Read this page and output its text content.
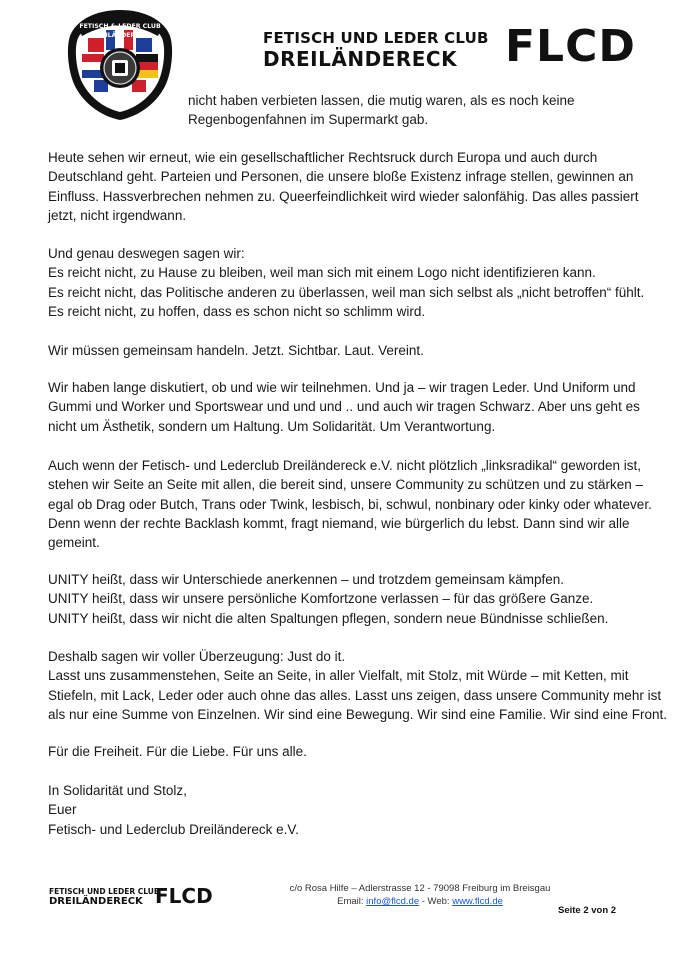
FETISCH & LEDER CLUB
DREILÄNDERECK	FETISCH UND LEDER CLUB
DREILÄNDERECK FLCD
nicht haben verbieten lassen, die mutig waren, als es noch keine
Regenbogenfahnen im Supermarkt gab.
Heute sehen wir erneut, wie ein gesellschaftlicher Rechtsruck durch Europa und auch durch
Deutschland geht. Parteien und Personen, die unsere bloße Existenz infrage stellen, gewinnen an
Einfluss. Hassverbrechen nehmen zu. Queerfeindlichkeit wird wieder salonfähig. Das alles passiert
jetzt, nicht irgendwann.
Und genau deswegen sagen wir:
Es reicht nicht, zu Hause zu bleiben, weil man sich mit einem Logo nicht identifizieren kann.
Es reicht nicht, das Politische anderen zu überlassen, weil man sich selbst als „nicht betroffen“ fühlt.
Es reicht nicht, zu hoffen, dass es schon nicht so schlimm wird.
Wir müssen gemeinsam handeln. Jetzt. Sichtbar. Laut. Vereint.
Wir haben lange diskutiert, ob und wie wir teilnehmen. Und ja – wir tragen Leder. Und Uniform und
Gummi und Worker und Sportswear und und und .. und auch wir tragen Schwarz. Aber uns geht es
nicht um Ästhetik, sondern um Haltung. Um Solidarität. Um Verantwortung.
Auch wenn der Fetisch- und Lederclub Dreiländereck e.V. nicht plötzlich „linksradikal“ geworden ist,
stehen wir Seite an Seite mit allen, die bereit sind, unsere Community zu schützen und zu stärken –
egal ob Drag oder Butch, Trans oder Twink, lesbisch, bi, schwul, nonbinary oder kinky oder whatever.
Denn wenn der rechte Backlash kommt, fragt niemand, wie bürgerlich du lebst. Dann sind wir alle
gemeint.
UNITY heißt, dass wir Unterschiede anerkennen – und trotzdem gemeinsam kämpfen.
UNITY heißt, dass wir unsere persönliche Komfortzone verlassen – für das größere Ganze.
UNITY heißt, dass wir nicht die alten Spaltungen pflegen, sondern neue Bündnisse schließen.
Deshalb sagen wir voller Überzeugung: Just do it.
Lasst uns zusammenstehen, Seite an Seite, in aller Vielfalt, mit Stolz, mit Würde – mit Ketten, mit
Stiefeln, mit Lack, Leder oder auch ohne das alles. Lasst uns zeigen, dass unsere Community mehr ist
als nur eine Summe von Einzelnen. Wir sind eine Bewegung. Wir sind eine Familie. Wir sind eine Front.
Für die Freiheit. Für die Liebe. Für uns alle.
In Solidarität und Stolz,
Euer
Fetisch- und Lederclub Dreiländereck e.V.
FETISCH UND LEDER CLUB
DREILÄNDERECK FLCD	c/o Rosa Hilfe – Adlerstrasse 12 - 79098 Freiburg im Breisgau
Email: info@flcd.de - Web: www.flcd.de
Seite 2 von 2
